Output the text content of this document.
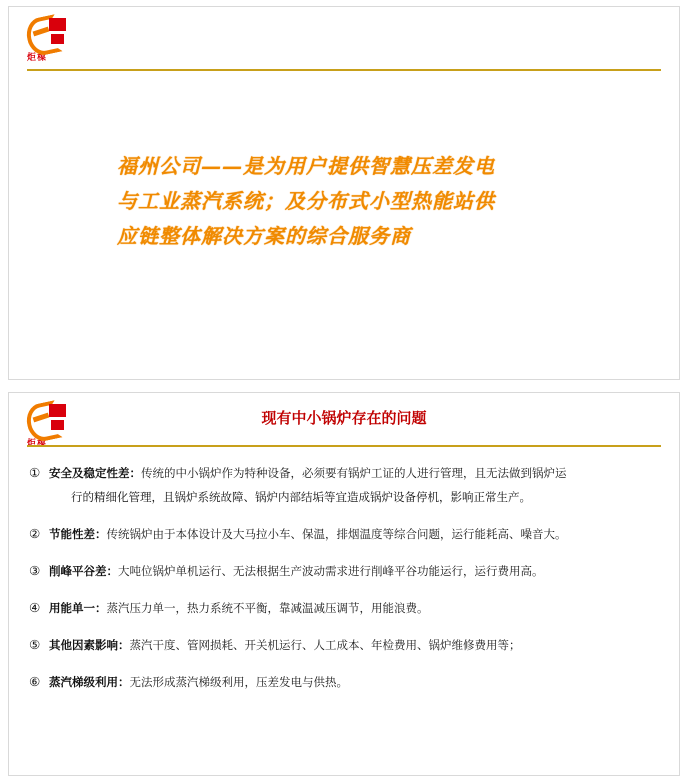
炬橖
福州公司——是为用户提供智慧压差发电
与工业蒸汽系统；及分布式小型热能站供
应链整体解决方案的综合服务商
炬橖
现有中小锅炉存在的问题
① 安全及稳定性差：传统的中小锅炉作为特种设备，必须要有锅炉工证的人进行管理，且无法做到锅炉运
行的精细化管理，且锅炉系统故障、锅炉内部结垢等宜造成锅炉设备停机，影响正常生产。
② 节能性差：传统锅炉由于本体设计及大马拉小车、保温，排烟温度等综合问题，运行能耗高、噪音大。
③ 削峰平谷差：大吨位锅炉单机运行、无法根据生产波动需求进行削峰平谷功能运行，运行费用高。
④ 用能单一：蒸汽压力单一，热力系统不平衡，靠减温减压调节，用能浪费。
⑤ 其他因素影响：蒸汽干度、管网损耗、开关机运行、人工成本、年检费用、锅炉维修费用等；
⑥ 蒸汽梯级利用：无法形成蒸汽梯级利用，压差发电与供热。
